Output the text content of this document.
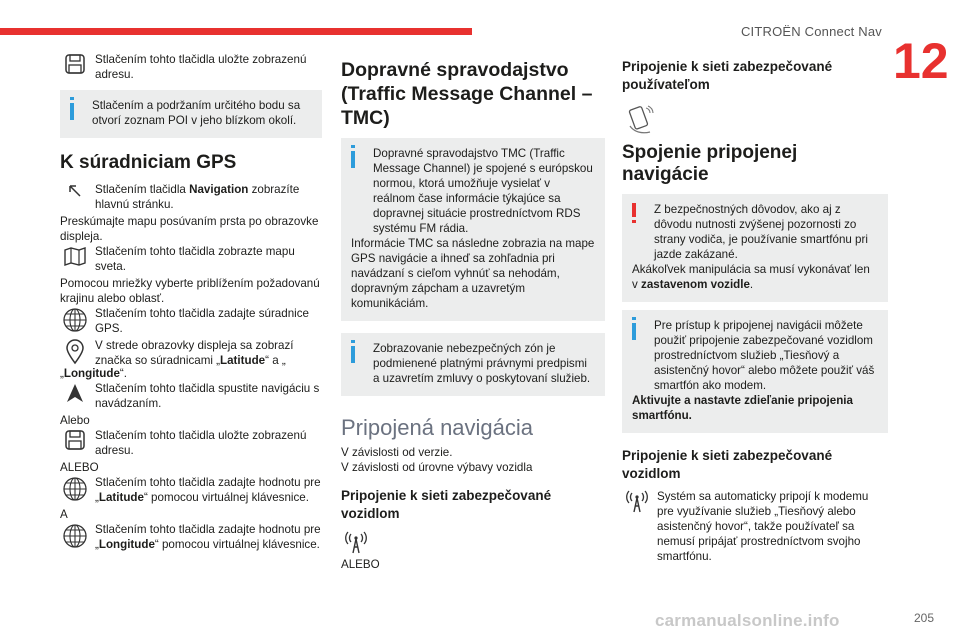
CITROËN Connect Nav
12

Stlačením tohto tlačidla uložte zobrazenú adresu.

Stlačením a podržaním určitého bodu sa otvorí zoznam POI v jeho blízkom okolí.

K súradniciam GPS

Stlačením tlačidla Navigation zobrazíte hlavnú stránku.

Preskúmajte mapu posúvaním prsta po obrazovke displeja.

Stlačením tohto tlačidla zobrazte mapu sveta.

Pomocou mriežky vyberte priblížením požadovanú krajinu alebo oblasť.

Stlačením tohto tlačidla zadajte súradnice GPS.

V strede obrazovky displeja sa zobrazí značka so súradnicami „Latitude“ a „

„Longitude“.

Stlačením tohto tlačidla spustite navigáciu s navádzaním.

Alebo

Stlačením tohto tlačidla uložte zobrazenú adresu.

ALEBO

Stlačením tohto tlačidla zadajte hodnotu pre „Latitude“ pomocou virtuálnej klávesnice.

A

Stlačením tohto tlačidla zadajte hodnotu pre „Longitude“ pomocou virtuálnej klávesnice.

Dopravné spravodajstvo (Traffic Message Channel – TMC)

Dopravné spravodajstvo TMC (Traffic Message Channel) je spojené s európskou normou, ktorá umožňuje vysielať v reálnom čase informácie týkajúce sa dopravnej situácie prostredníctvom RDS systému FM rádia.

Informácie TMC sa následne zobrazia na mape GPS navigácie a ihneď sa zohľadnia pri navádzaní s cieľom vyhnúť sa nehodám, dopravným zápcham a uzavretým komunikáciám.

Zobrazovanie nebezpečných zón je podmienené platnými právnymi predpismi a uzavretím zmluvy o poskytovaní služieb.

Pripojená navigácia

V závislosti od verzie.

V závislosti od úrovne výbavy vozidla

Pripojenie k sieti zabezpečované vozidlom

ALEBO

Pripojenie k sieti zabezpečované používateľom
Spojenie pripojenej navigácie

Z bezpečnostných dôvodov, ako aj z dôvodu nutnosti zvýšenej pozornosti zo strany vodiča, je používanie smartfónu pri jazde zakázané.

Akákoľvek manipulácia sa musí vykonávať len v zastavenom vozidle.

Pre prístup k pripojenej navigácii môžete použiť pripojenie zabezpečované vozidlom prostredníctvom služieb „Tiesňový a asistenčný hovor“ alebo môžete použiť váš smartfón ako modem.

Aktivujte a nastavte zdieľanie pripojenia smartfónu.

Pripojenie k sieti zabezpečované vozidlom

Systém sa automaticky pripojí k modemu pre využívanie služieb „Tiesňový alebo asistenčný hovor“, takže používateľ sa nemusí pripájať prostredníctvom svojho smartfónu.

carmanualsonline.info	205
